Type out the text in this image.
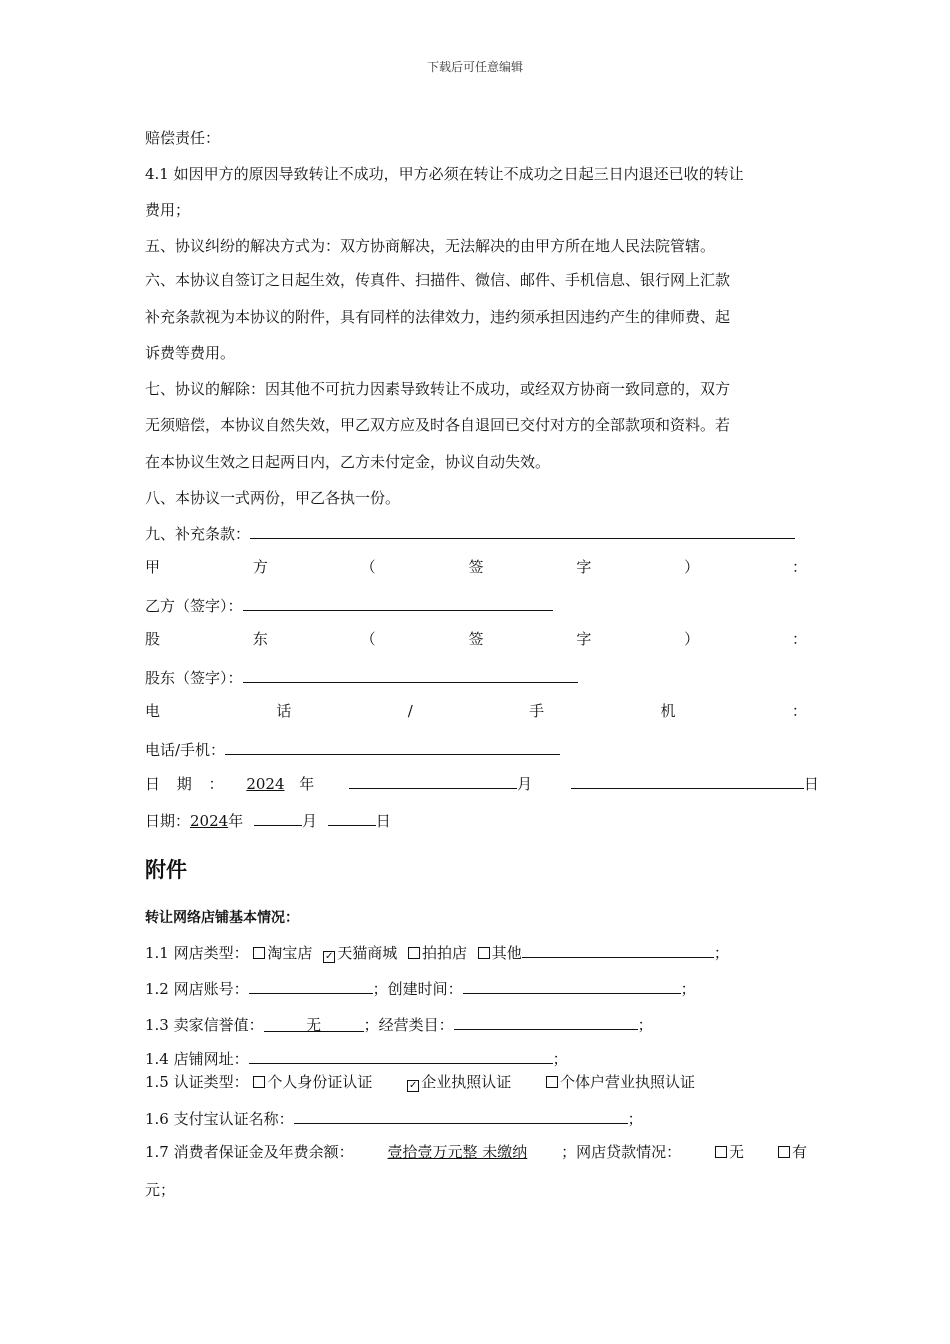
下载后可任意编辑
赔偿责任：
4.1 如因甲方的原因导致转让不成功，甲方必须在转让不成功之日起三日内退还已收的转让
费用；
五、协议纠纷的解决方式为：双方协商解决，无法解决的由甲方所在地人民法院管辖。
六、本协议自签订之日起生效，传真件、扫描件、微信、邮件、手机信息、银行网上汇款
补充条款视为本协议的附件，具有同样的法律效力，违约须承担因违约产生的律师费、起
诉费等费用。
七、协议的解除：因其他不可抗力因素导致转让不成功，或经双方协商一致同意的，双方
无须赔偿，本协议自然失效，甲乙双方应及时各自退回已交付对方的全部款项和资料。若
在本协议生效之日起两日内，乙方未付定金，协议自动失效。
八、本协议一式两份，甲乙各执一份。
九、补充条款：
甲	方	（	签	字	）	：
乙方（签字）：
股	东	（	签	字	）	：
股东（签字）：
电	话	/	手	机	：
电话/手机：
日 期 ： 2024 年	月	日
日期：2024年	月	日
附件
转让网络店铺基本情况：
1.1 网店类型： 淘宝店 ✓ 天猫商城 拍拍店 其他	；
1.2 网店账号：	；创建时间：	；
1.3 卖家信誉值：	无	；经营类目：	；
1.4 店铺网址：	；
1.5 认证类型： 个人身份证认证	✓ 企业执照认证	个体户营业执照认证
1.6 支付宝认证名称：	；
1.7 消费者保证金及年费余额： 壹拾壹万元整 未缴纳 ；网店贷款情况：	无	有
元；
